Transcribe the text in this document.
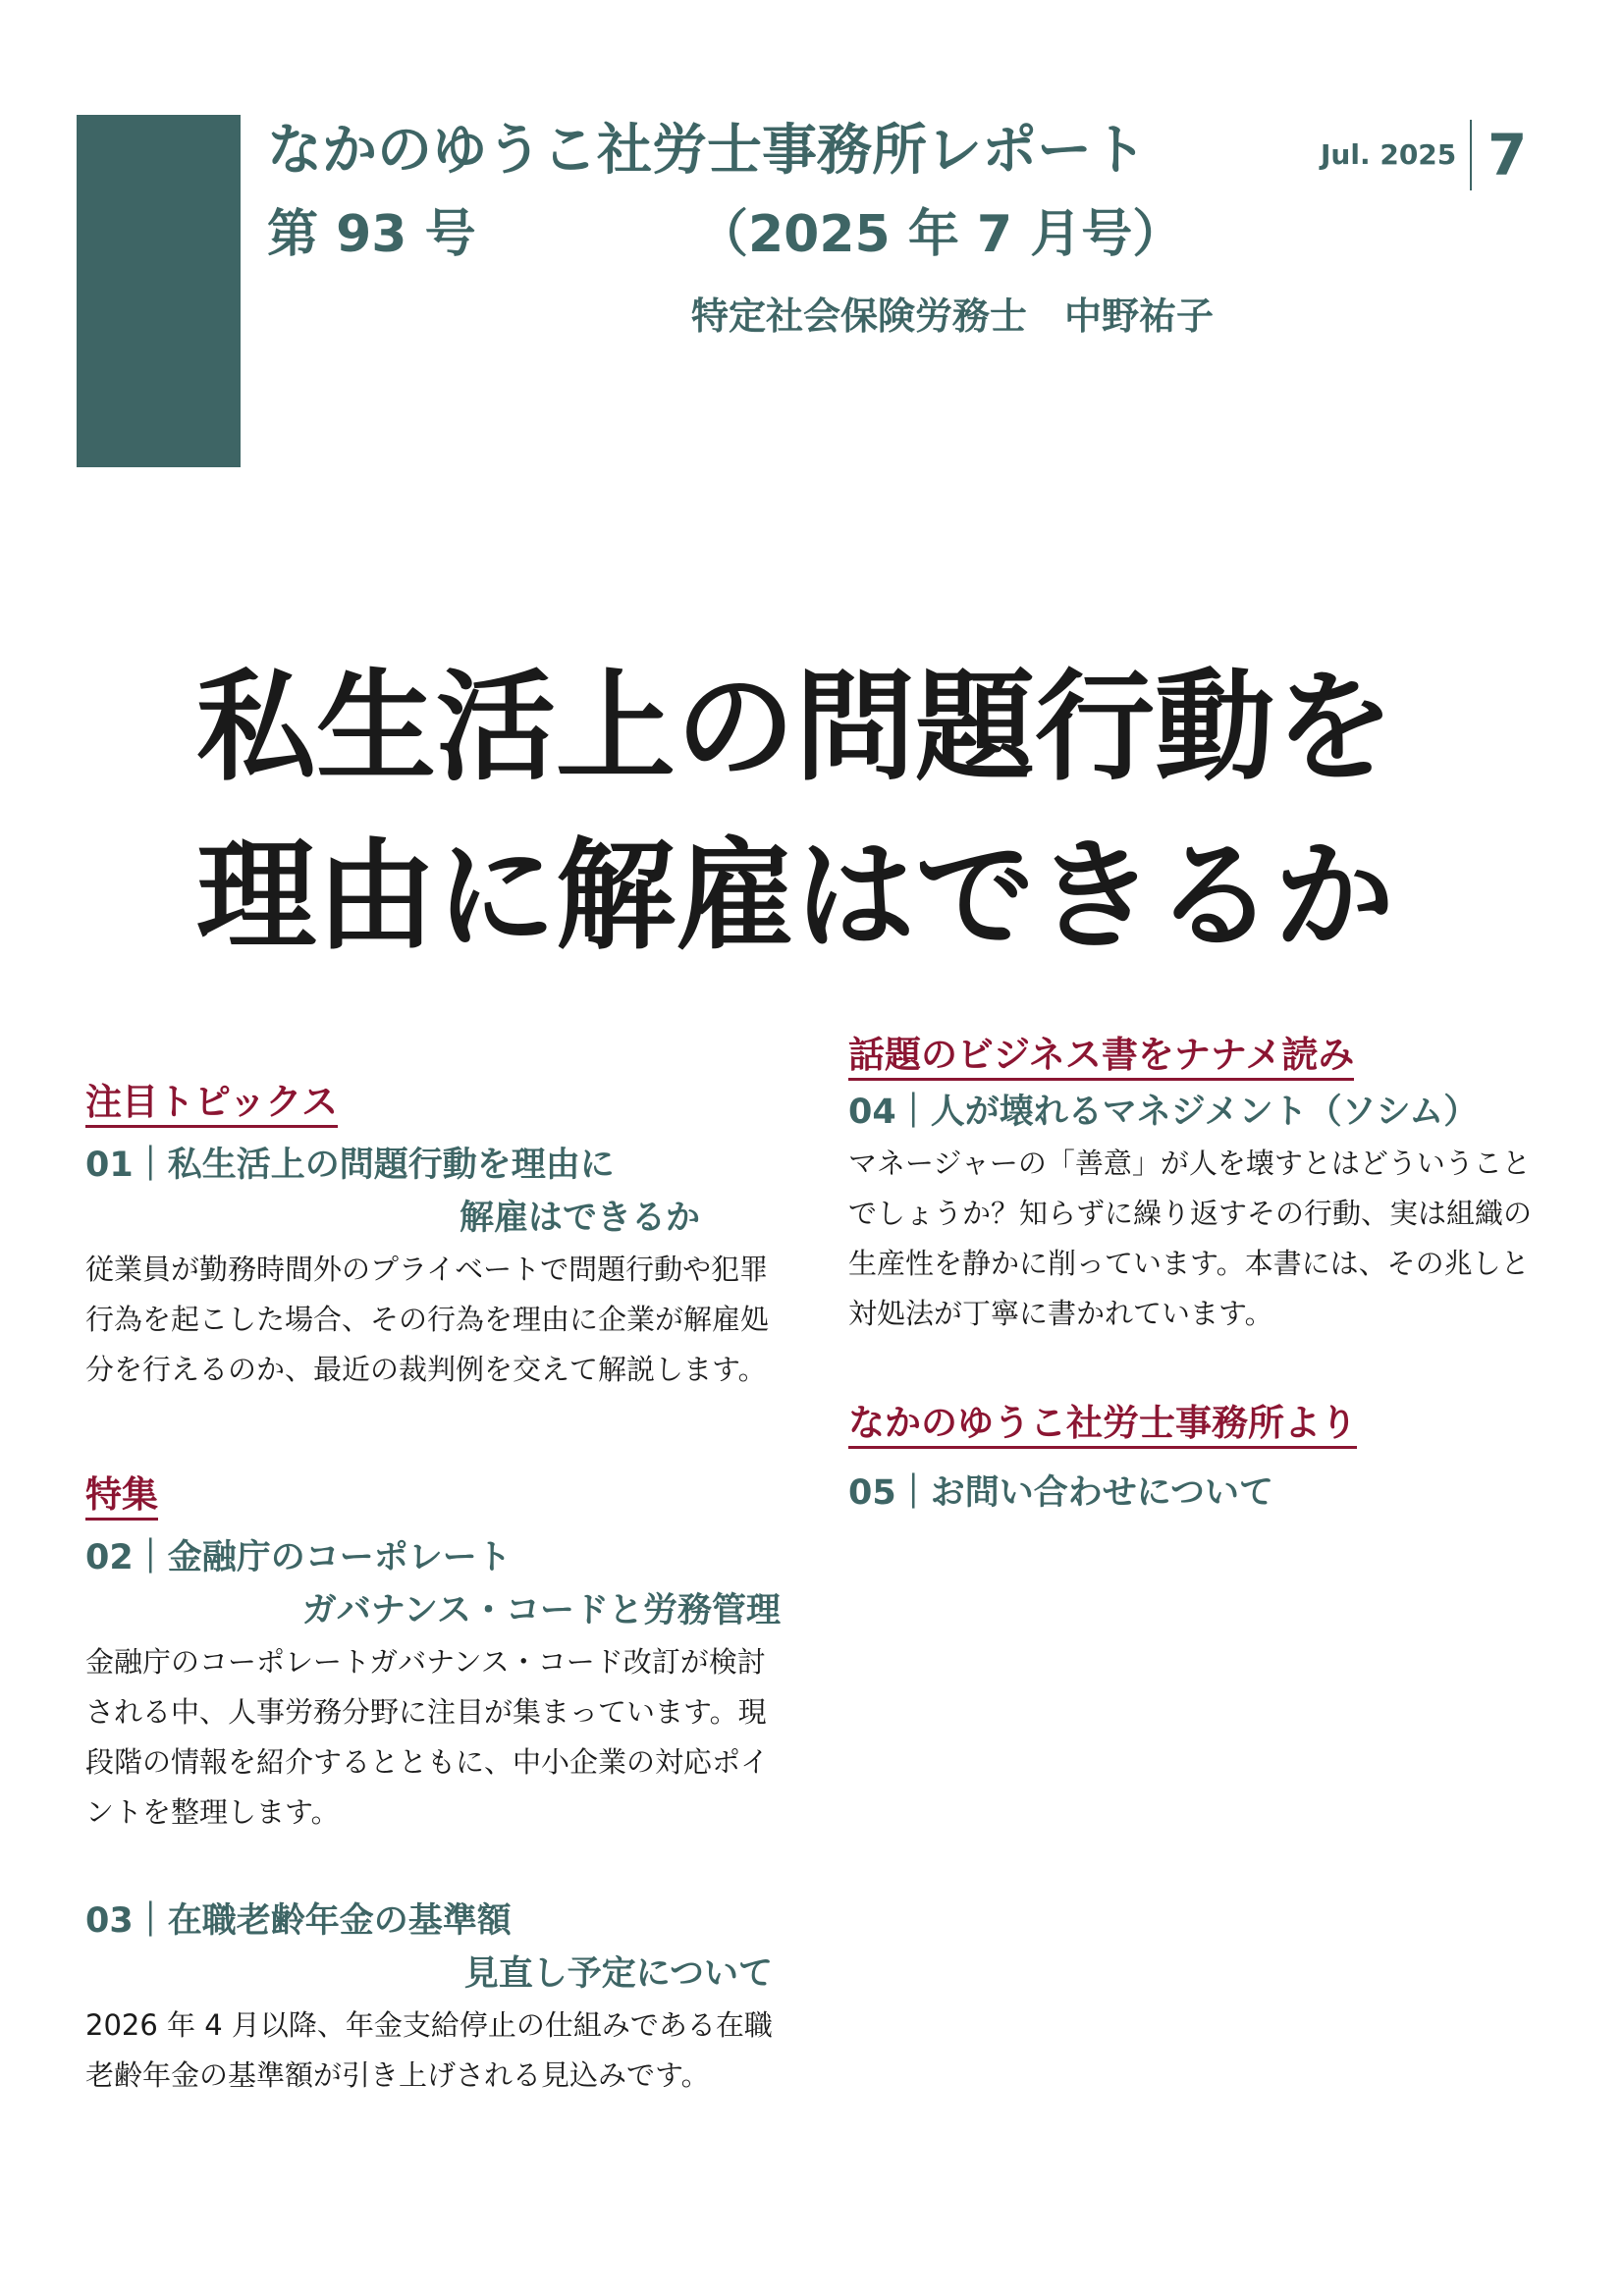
なかのゆうこ社労士事務所レポート
第 93 号	（2025 年 7 月号）
特定社会保険労務士　中野祐子
Jul. 2025 7
私生活上の問題行動を
理由に解雇はできるか
注目トピックス
01｜私生活上の問題行動を理由に
解雇はできるか
従業員が勤務時間外のプライベートで問題行動や犯罪行為を起こした場合、その行為を理由に企業が解雇処分を行えるのか、最近の裁判例を交えて解説します。
特集
02｜金融庁のコーポレート
ガバナンス・コードと労務管理
金融庁のコーポレートガバナンス・コード改訂が検討される中、人事労務分野に注目が集まっています。現段階の情報を紹介するとともに、中小企業の対応ポイントを整理します。
03｜在職老齢年金の基準額
見直し予定について
2026 年 4 月以降、年金支給停止の仕組みである在職老齢年金の基準額が引き上げされる見込みです。
話題のビジネス書をナナメ読み
04｜人が壊れるマネジメント（ソシム）
マネージャーの「善意」が人を壊すとはどういうことでしょうか？知らずに繰り返すその行動、実は組織の生産性を静かに削っています。本書には、その兆しと対処法が丁寧に書かれています。
なかのゆうこ社労士事務所より
05｜お問い合わせについて
